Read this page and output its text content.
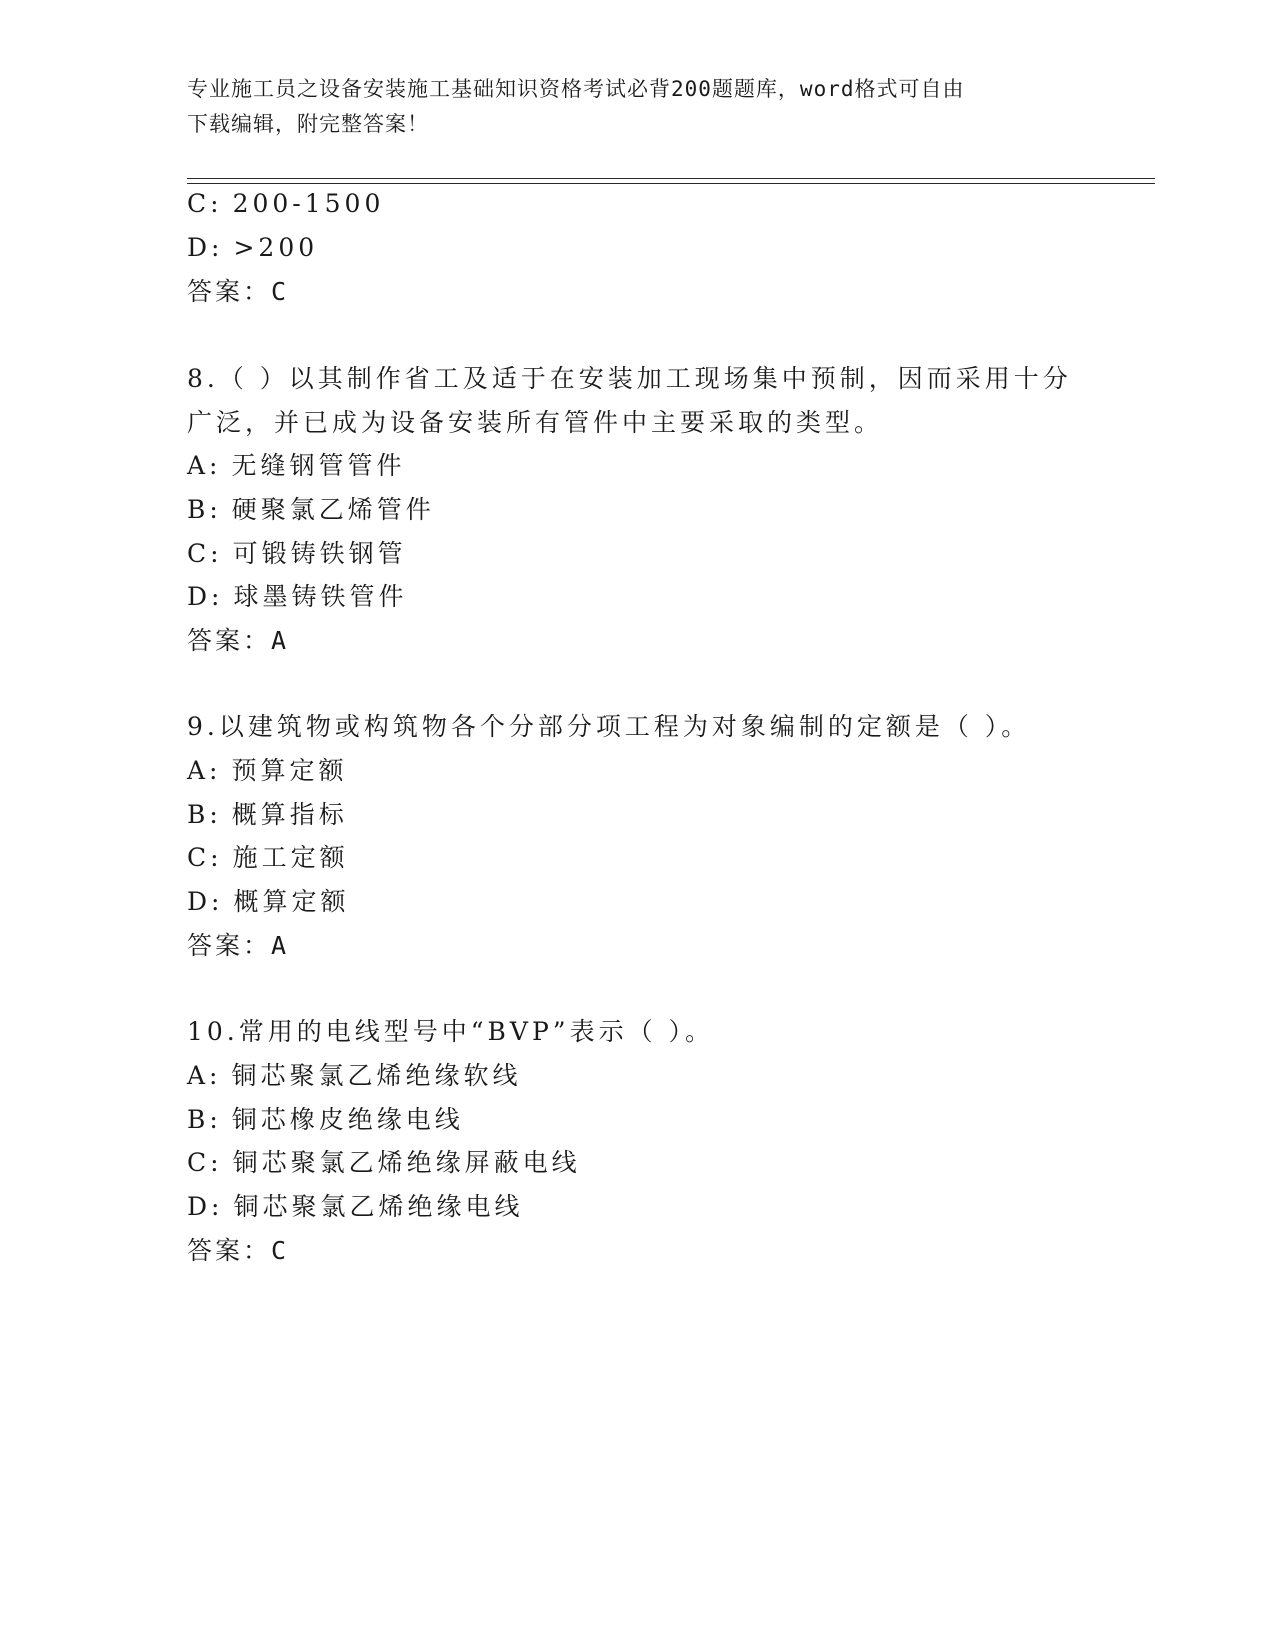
专业施工员之设备安装施工基础知识资格考试必背200题题库，word格式可自由
下载编辑，附完整答案！
C: 200-1500
D: >200
答案：C
8.（ ）以其制作省工及适于在安装加工现场集中预制，因而采用十分
广泛，并已成为设备安装所有管件中主要采取的类型。
A: 无缝钢管管件
B: 硬聚氯乙烯管件
C: 可锻铸铁钢管
D: 球墨铸铁管件
答案：A
9.以建筑物或构筑物各个分部分项工程为对象编制的定额是（ ）。
A: 预算定额
B: 概算指标
C: 施工定额
D: 概算定额
答案：A
10.常用的电线型号中“BVP”表示（ ）。
A: 铜芯聚氯乙烯绝缘软线
B: 铜芯橡皮绝缘电线
C: 铜芯聚氯乙烯绝缘屏蔽电线
D: 铜芯聚氯乙烯绝缘电线
答案：C
